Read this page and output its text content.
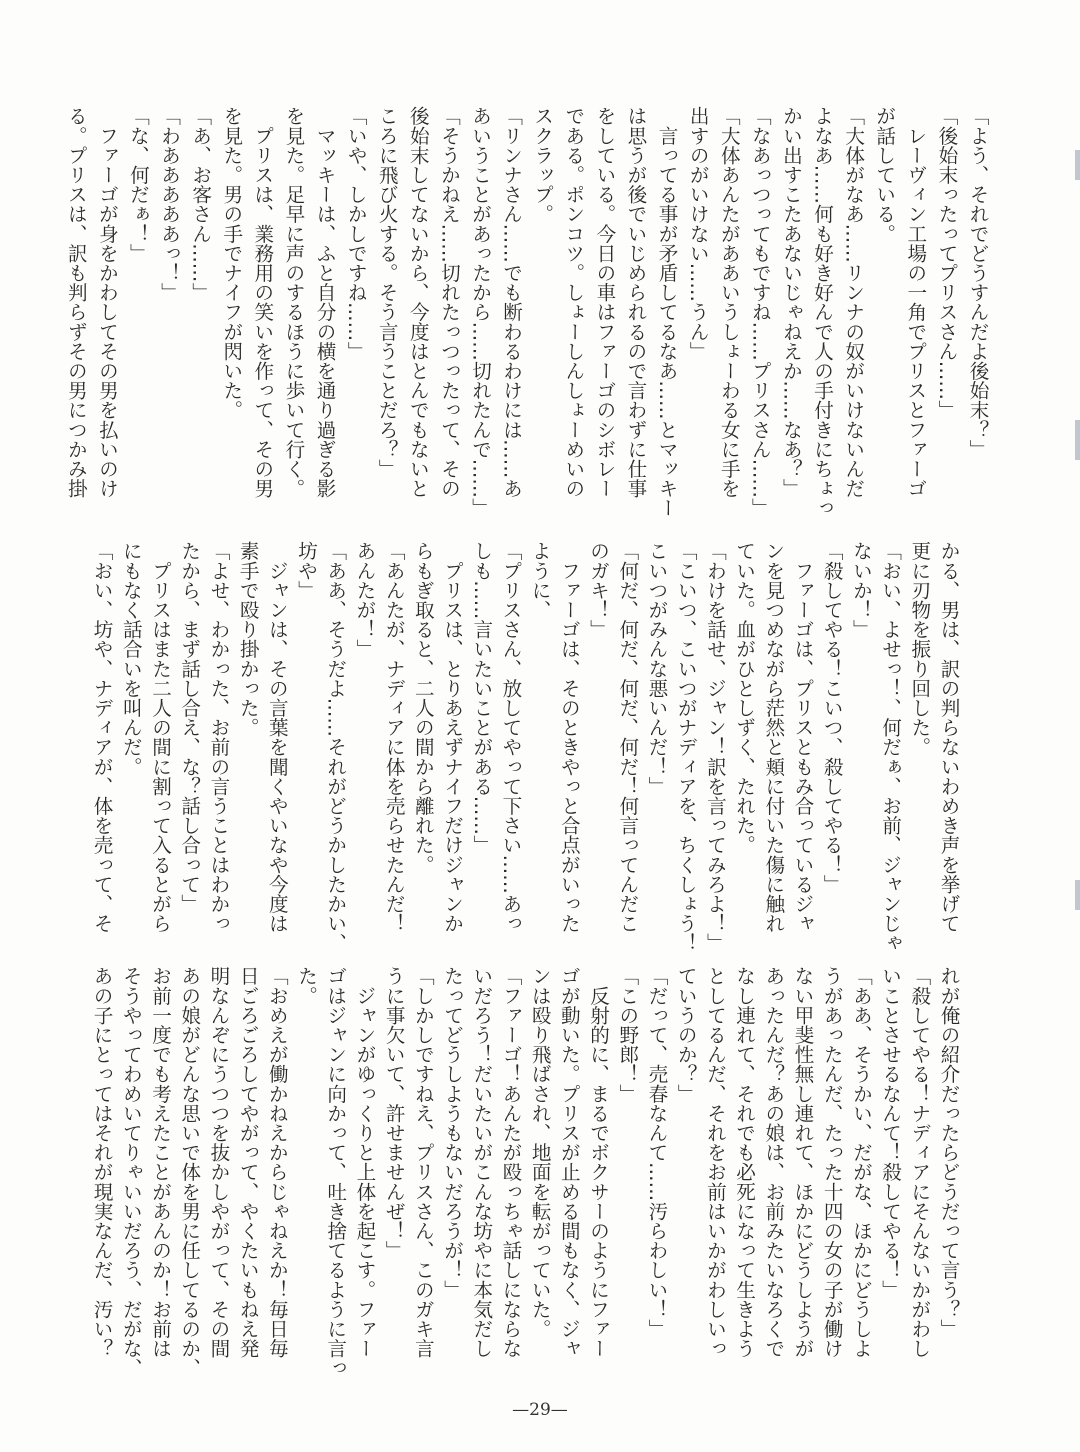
「よう、それでどうすんだよ後始末？」
「後始末ったってプリスさん……」
　レーヴィン工場の一角でプリスとファーゴ
が話している。
「大体がなあ……リンナの奴がいけないんだ
よなあ……何も好き好んで人の手付きにちょっ
かい出すこたあないじゃねえか……なあ？」
「なあっつってもですね……プリスさん……」
「大体あんたがああいうしょーわる女に手を
出すのがいけない……うん」
　言ってる事が矛盾してるなあ……とマッキー
は思うが後でいじめられるので言わずに仕事
をしている。今日の車はファーゴのシボレー
である。ポンコツ。しょーしんしょーめいの
スクラップ。
「リンナさん……でも断わるわけには……あ
あいうことがあったから……切れたんで……」
「そうかねえ……切れたっつったって、その
後始末してないから、今度はとんでもないと
ころに飛び火する。そう言うことだろ？」
「いや、しかしですね……」
　マッキーは、ふと自分の横を通り過ぎる影
を見た。足早に声のするほうに歩いて行く。
　プリスは、業務用の笑いを作って、その男
を見た。男の手でナイフが閃いた。
「あ、お客さん……」
「わあああああっ！」
「な、何だぁ！」
　ファーゴが身をかわしてその男を払いのけ
る。プリスは、訳も判らずその男につかみ掛
かる、男は、訳の判らないわめき声を挙げて
更に刃物を振り回した。
「おい、よせっ！、何だぁ、お前、ジャンじゃ
ないか！」
「殺してやる！こいつ、殺してやる！」
　ファーゴは、プリスともみ合っているジャ
ンを見つめながら茫然と頬に付いた傷に触れ
ていた。血がひとしずく、たれた。
「わけを話せ、ジャン！訳を言ってみろよ！」
「こいつ、こいつがナディアを、ちくしょう！
こいつがみんな悪いんだ！」
「何だ、何だ、何だ、何だ！何言ってんだこ
のガキ！」
　ファーゴは、そのときやっと合点がいった
ように、
「プリスさん、放してやって下さい……あっ
しも……言いたいことがある……」
　プリスは、とりあえずナイフだけジャンか
らもぎ取ると、二人の間から離れた。
「あんたが、ナディアに体を売らせたんだ！
あんたが！」
「ああ、そうだよ……それがどうかしたかい、
坊や」
　ジャンは、その言葉を聞くやいなや今度は
素手で殴り掛かった。
「よせ、わかった、お前の言うことはわかっ
たから、まず話し合え、な？話し合って」
　プリスはまた二人の間に割って入るとがら
にもなく話合いを叫んだ。
「おい、坊や、ナディアが、体を売って、そ
れが俺の紹介だったらどうだって言う？」
「殺してやる！ナディアにそんないかがわし
いことさせるなんて！殺してやる！」
「ああ、そうかい、だがな、ほかにどうしよ
うがあったんだ、たった十四の女の子が働け
ない甲斐性無し連れて、ほかにどうしようが
あったんだ？あの娘は、お前みたいなろくで
なし連れて、それでも必死になって生きよう
としてるんだ、それをお前はいかがわしいっ
ていうのか？」
「だって、売春なんて……汚らわしい！」
「この野郎！」
　反射的に、まるでボクサーのようにファー
ゴが動いた。プリスが止める間もなく、ジャ
ンは殴り飛ばされ、地面を転がっていた。
「ファーゴ！あんたが殴っちゃ話しにならな
いだろう！だいたいがこんな坊やに本気だし
たってどうしようもないだろうが！」
「しかしですねえ、プリスさん、このガキ言
うに事欠いて、許せませんぜ！」
　ジャンがゆっくりと上体を起こす。ファー
ゴはジャンに向かって、吐き捨てるように言っ
た。
「おめえが働かねえからじゃねえか！毎日毎
日ごろごろしてやがって、やくたいもねえ発
明なんぞにうつつを抜かしやがって、その間
あの娘がどんな思いで体を男に任してるのか、
お前一度でも考えたことがあんのか！お前は
そうやってわめいてりゃいいだろう、だがな、
あの子にとってはそれが現実なんだ、汚い？
—29—
